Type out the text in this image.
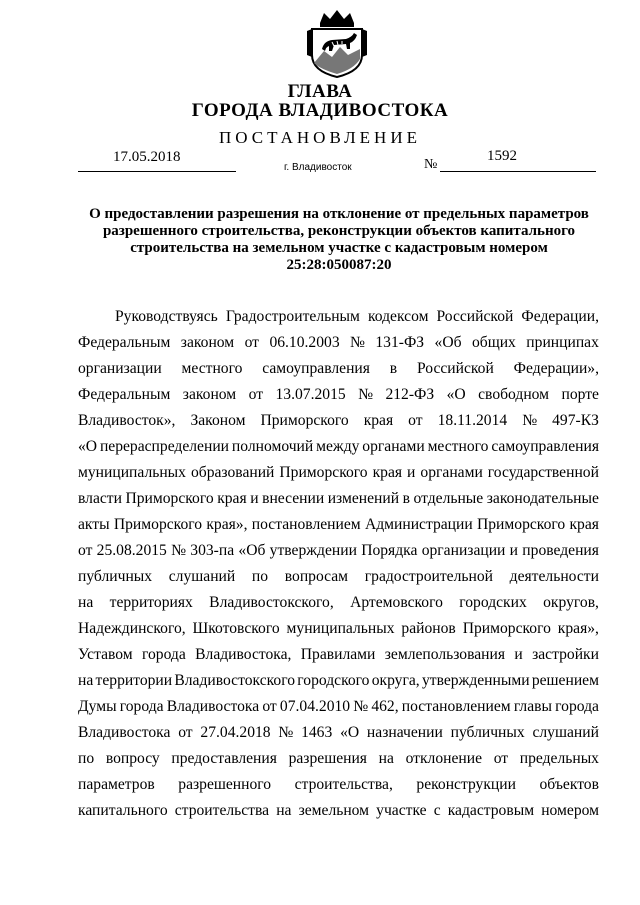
ГЛАВА
ГОРОДА ВЛАДИВОСТОКА
ПОСТАНОВЛЕНИЕ
17.05.2018
г. Владивосток	№
1592
О предоставлении разрешения на отклонение от предельных параметров
разрешенного строительства, реконструкции объектов капитального
строительства на земельном участке с кадастровым номером
25:28:050087:20
Руководствуясь Градостроительным кодексом Российской Федерации,
Федеральным законом от 06.10.2003 № 131-ФЗ «Об общих принципах
организации местного самоуправления в Российской Федерации»,
Федеральным законом от 13.07.2015 № 212-ФЗ «О свободном порте
Владивосток», Законом Приморского края от 18.11.2014 № 497-КЗ
«О перераспределении полномочий между органами местного самоуправления
муниципальных образований Приморского края и органами государственной
власти Приморского края и внесении изменений в отдельные законодательные
акты Приморского края», постановлением Администрации Приморского края
от 25.08.2015 № 303-па «Об утверждении Порядка организации и проведения
публичных слушаний по вопросам градостроительной деятельности
на территориях Владивостокского, Артемовского городских округов,
Надеждинского, Шкотовского муниципальных районов Приморского края»,
Уставом города Владивостока, Правилами землепользования и застройки
на территории Владивостокского городского округа, утвержденными решением
Думы города Владивостока от 07.04.2010 № 462, постановлением главы города
Владивостока от 27.04.2018 № 1463 «О назначении публичных слушаний
по вопросу предоставления разрешения на отклонение от предельных
параметров разрешенного строительства, реконструкции объектов
капитального строительства на земельном участке с кадастровым номером
